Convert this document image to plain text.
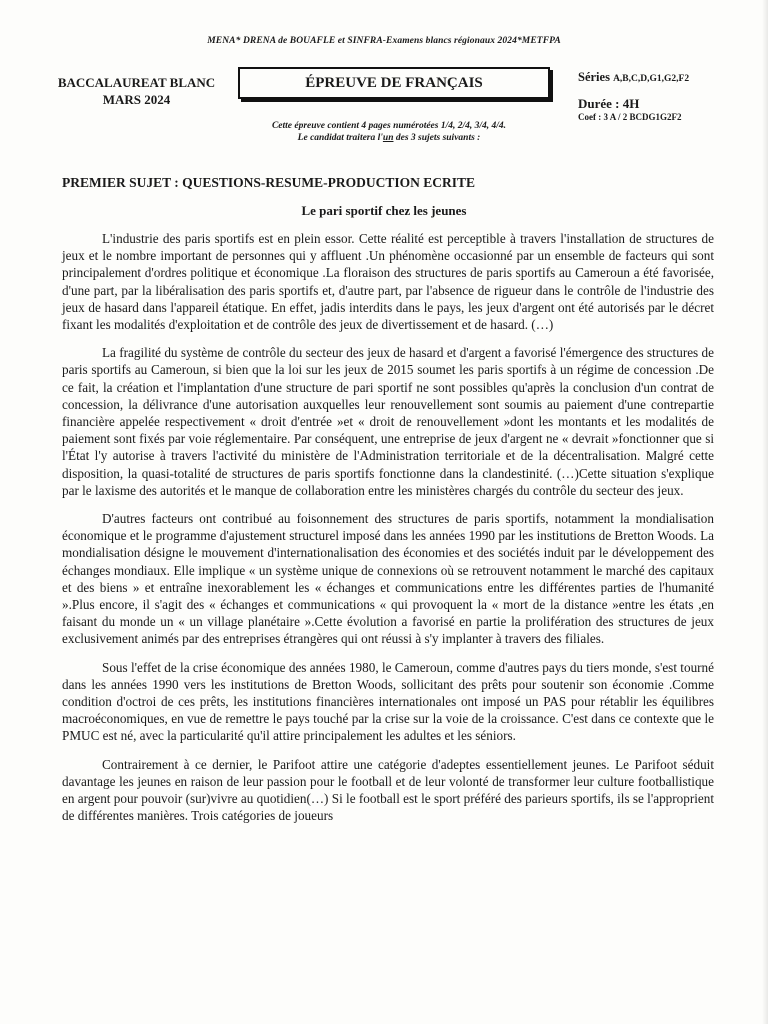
MENA* DRENA de BOUAFLE et SINFRA-Examens blancs régionaux 2024*METFPA
BACCALAUREAT BLANC
MARS 2024
ÉPREUVE DE FRANÇAIS	Séries A,B,C,D,G1,G2,F2
Durée : 4H
Coef : 3 A / 2 BCDG1G2F2
Cette épreuve contient 4 pages numérotées 1/4, 2/4, 3/4, 4/4.
Le candidat traitera l'un des 3 sujets suivants :
PREMIER SUJET : QUESTIONS-RESUME-PRODUCTION ECRITE
Le pari sportif chez les jeunes

L'industrie des paris sportifs est en plein essor. Cette réalité est perceptible à travers l'installation de structures de jeux et le nombre important de personnes qui y affluent .Un phénomène occasionné par un ensemble de facteurs qui sont principalement d'ordres politique et économique .La floraison des structures de paris sportifs au Cameroun a été favorisée, d'une part, par la libéralisation des paris sportifs et, d'autre part, par l'absence de rigueur dans le contrôle de l'industrie des jeux de hasard dans l'appareil étatique. En effet, jadis interdits dans le pays, les jeux d'argent ont été autorisés par le décret fixant les modalités d'exploitation et de contrôle des jeux de divertissement et de hasard. (…)

La fragilité du système de contrôle du secteur des jeux de hasard et d'argent a favorisé l'émergence des structures de paris sportifs au Cameroun, si bien que la loi sur les jeux de 2015 soumet les paris sportifs à un régime de concession .De ce fait, la création et l'implantation d'une structure de pari sportif ne sont possibles qu'après la conclusion d'un contrat de concession, la délivrance d'une autorisation auxquelles leur renouvellement sont soumis au paiement d'une contrepartie financière appelée respectivement « droit d'entrée »et « droit de renouvellement »dont les montants et les modalités de paiement sont fixés par voie réglementaire. Par conséquent, une entreprise de jeux d'argent ne « devrait »fonctionner que si l'État l'y autorise à travers l'activité du ministère de l'Administration territoriale et de la décentralisation. Malgré cette disposition, la quasi-totalité de structures de paris sportifs fonctionne dans la clandestinité. (…)Cette situation s'explique par le laxisme des autorités et le manque de collaboration entre les ministères chargés du contrôle du secteur des jeux.

D'autres facteurs ont contribué au foisonnement des structures de paris sportifs, notamment la mondialisation économique et le programme d'ajustement structurel imposé dans les années 1990 par les institutions de Bretton Woods. La mondialisation désigne le mouvement d'internationalisation des économies et des sociétés induit par le développement des échanges mondiaux. Elle implique « un système unique de connexions où se retrouvent notamment le marché des capitaux et des biens » et entraîne inexorablement les « échanges et communications entre les différentes parties de l'humanité ».Plus encore, il s'agit des « échanges et communications « qui provoquent la « mort de la distance »entre les états ,en faisant du monde un « un village planétaire ».Cette évolution a favorisé en partie la prolifération des structures de jeux exclusivement animés par des entreprises étrangères qui ont réussi à s'y implanter à travers des filiales.

Sous l'effet de la crise économique des années 1980, le Cameroun, comme d'autres pays du tiers monde, s'est tourné dans les années 1990 vers les institutions de Bretton Woods, sollicitant des prêts pour soutenir son économie .Comme condition d'octroi de ces prêts, les institutions financières internationales ont imposé un PAS pour rétablir les équilibres macroéconomiques, en vue de remettre le pays touché par la crise sur la voie de la croissance. C'est dans ce contexte que le PMUC est né, avec la particularité qu'il attire principalement les adultes et les séniors.

Contrairement à ce dernier, le Parifoot attire une catégorie d'adeptes essentiellement jeunes. Le Parifoot séduit davantage les jeunes en raison de leur passion pour le football et de leur volonté de transformer leur culture footballistique en argent pour pouvoir (sur)vivre au quotidien(…) Si le football est le sport préféré des parieurs sportifs, ils se l'approprient de différentes manières. Trois catégories de joueurs
